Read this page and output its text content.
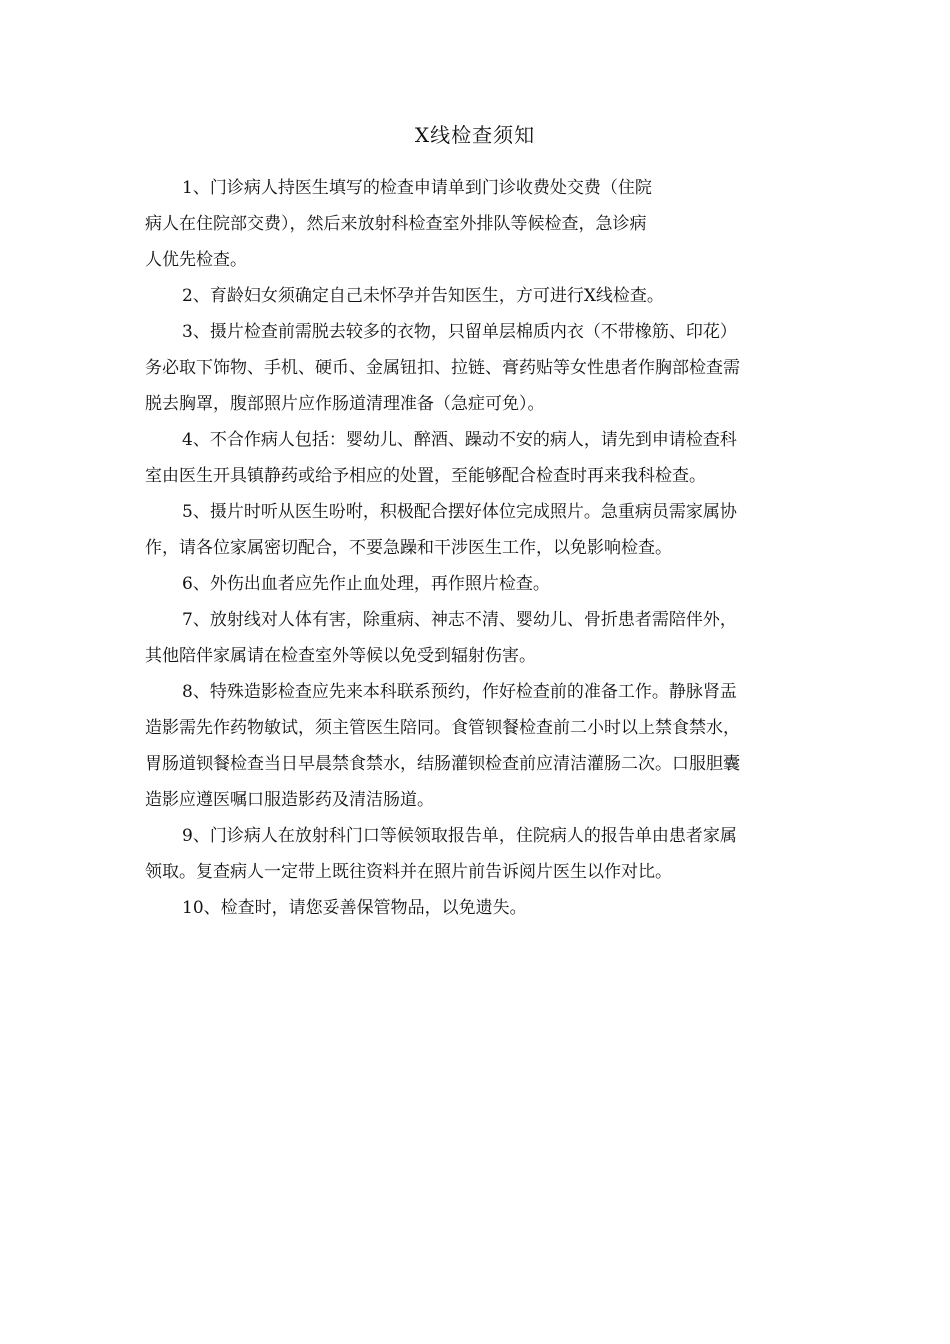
X线检查须知

1、门诊病人持医生填写的检查申请单到门诊收费处交费（住院
病人在住院部交费），然后来放射科检查室外排队等候检查，急诊病
人优先检查。

2、育龄妇女须确定自己未怀孕并告知医生，方可进行X线检查。

3、摄片检查前需脱去较多的衣物，只留单层棉质内衣（不带橡筋、印花）
务必取下饰物、手机、硬币、金属钮扣、拉链、膏药贴等女性患者作胸部检查需
脱去胸罩，腹部照片应作肠道清理准备（急症可免）。

4、不合作病人包括：婴幼儿、醉酒、躁动不安的病人，请先到申请检查科
室由医生开具镇静药或给予相应的处置，至能够配合检查时再来我科检查。

5、摄片时听从医生吩咐，积极配合摆好体位完成照片。急重病员需家属协
作，请各位家属密切配合，不要急躁和干涉医生工作，以免影响检查。

6、外伤出血者应先作止血处理，再作照片检查。

7、放射线对人体有害，除重病、神志不清、婴幼儿、骨折患者需陪伴外，
其他陪伴家属请在检查室外等候以免受到辐射伤害。

8、特殊造影检查应先来本科联系预约，作好检查前的准备工作。静脉肾盂
造影需先作药物敏试，须主管医生陪同。食管钡餐检查前二小时以上禁食禁水，
胃肠道钡餐检查当日早晨禁食禁水，结肠灌钡检查前应清洁灌肠二次。口服胆囊
造影应遵医嘱口服造影药及清洁肠道。

9、门诊病人在放射科门口等候领取报告单，住院病人的报告单由患者家属
领取。复查病人一定带上既往资料并在照片前告诉阅片医生以作对比。

10、检查时，请您妥善保管物品，以免遗失。
